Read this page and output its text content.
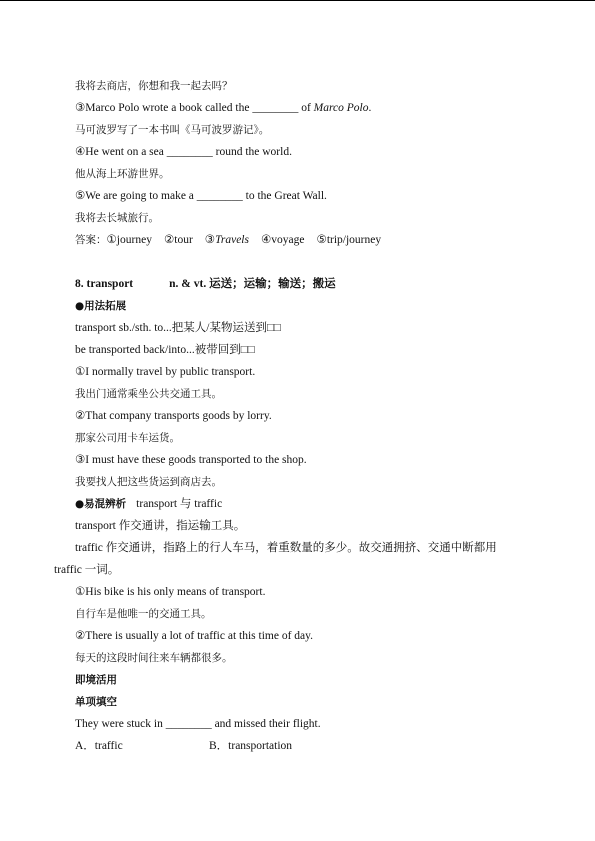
我将去商店，你想和我一起去吗？
③Marco Polo wrote a book called the ________ of Marco Polo.
马可波罗写了一本书叫《马可波罗游记》。
④He went on a sea ________ round the world.
他从海上环游世界。
⑤We are going to make a ________ to the Great Wall.
我将去长城旅行。
答案：①journey ②tour ③Travels ④voyage ⑤trip/journey
8. transport	n. & vt. 运送；运输；输送；搬运
●用法拓展
transport sb./sth. to...把某人/某物运送到□□
be transported back/into...被带回到□□
①I normally travel by public transport.
我出门通常乘坐公共交通工具。
②That company transports goods by lorry.
那家公司用卡车运货。
③I must have these goods transported to the shop.
我要找人把这些货运到商店去。
●易混辨析 transport 与 traffic
transport 作交通讲，指运输工具。
traffic 作交通讲，指路上的行人车马，着重数量的多少。故交通拥挤、交通中断都用
traffic 一词。
①His bike is his only means of transport.
自行车是他唯一的交通工具。
②There is usually a lot of traffic at this time of day.
每天的这段时间往来车辆都很多。
即境活用
单项填空
They were stuck in ________ and missed their flight.
A．traffic	B．transportation
